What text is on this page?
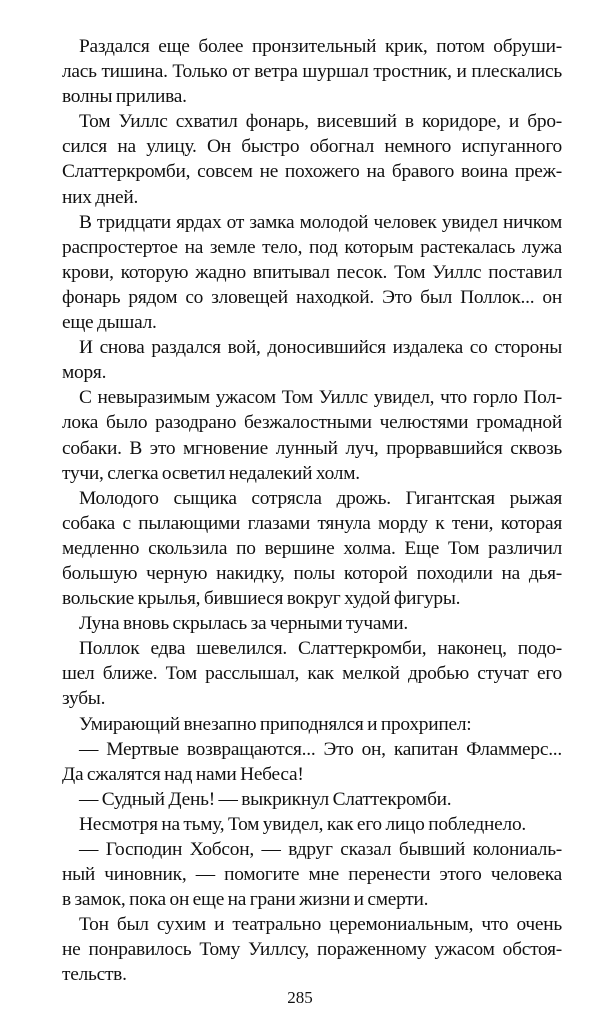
Раздался еще более пронзительный крик, потом обруши-
лась тишина. Только от ветра шуршал тростник, и плескались
волны прилива.
Том Уиллс схватил фонарь, висевший в коридоре, и бро-
сился на улицу. Он быстро обогнал немного испуганного
Слаттеркромби, совсем не похожего на бравого воина преж-
них дней.
В тридцати ярдах от замка молодой человек увидел ничком
распростертое на земле тело, под которым растекалась лужа
крови, которую жадно впитывал песок. Том Уиллс поставил
фонарь рядом со зловещей находкой. Это был Поллок... он
еще дышал.
И снова раздался вой, доносившийся издалека со стороны
моря.
С невыразимым ужасом Том Уиллс увидел, что горло Пол-
лока было разодрано безжалостными челюстями громадной
собаки. В это мгновение лунный луч, прорвавшийся сквозь
тучи, слегка осветил недалекий холм.
Молодого сыщика сотрясла дрожь. Гигантская рыжая
собака с пылающими глазами тянула морду к тени, которая
медленно скользила по вершине холма. Еще Том различил
большую черную накидку, полы которой походили на дья-
вольские крылья, бившиеся вокруг худой фигуры.
Луна вновь скрылась за черными тучами.
Поллок едва шевелился. Слаттеркромби, наконец, подо-
шел ближе. Том расслышал, как мелкой дробью стучат его
зубы.
Умирающий внезапно приподнялся и прохрипел:
— Мертвые возвращаются... Это он, капитан Фламмерс...
Да сжалятся над нами Небеса!
— Судный День! — выкрикнул Слаттекромби.
Несмотря на тьму, Том увидел, как его лицо побледнело.
— Господин Хобсон, — вдруг сказал бывший колониаль-
ный чиновник, — помогите мне перенести этого человека
в замок, пока он еще на грани жизни и смерти.
Тон был сухим и театрально церемониальным, что очень
не понравилось Тому Уиллсу, пораженному ужасом обстоя-
тельств.
285
